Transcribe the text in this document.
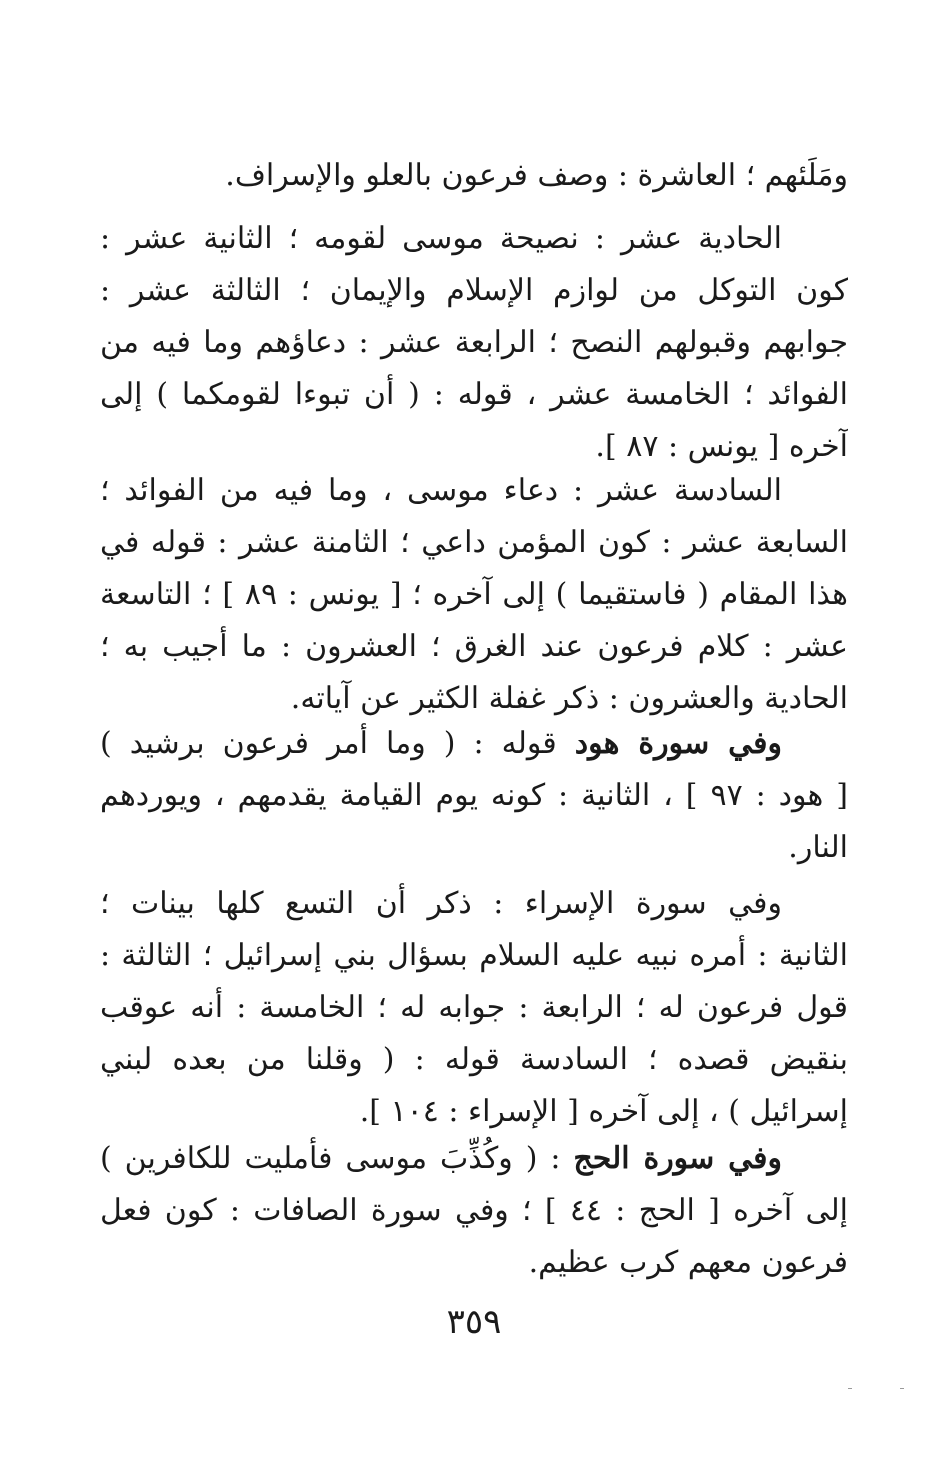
ومَلَئهم ؛ العاشرة : وصف فرعون بالعلو والإسراف.
الحادية عشر : نصيحة موسى لقومه ؛ الثانية عشر :
كون التوكل من لوازم الإسلام والإيمان ؛ الثالثة عشر :
جوابهم وقبولهم النصح ؛ الرابعة عشر : دعاؤهم وما فيه من
الفوائد ؛ الخامسة عشر ، قوله : ( أن تبوءا لقومكما ) إلى
آخره [ يونس : ٨٧ ].
السادسة عشر : دعاء موسى ، وما فيه من الفوائد ؛
السابعة عشر : كون المؤمن داعي ؛ الثامنة عشر : قوله في
هذا المقام ( فاستقيما ) إلى آخره ؛ [ يونس : ٨٩ ] ؛ التاسعة
عشر : كلام فرعون عند الغرق ؛ العشرون : ما أجيب به ؛
الحادية والعشرون : ذكر غفلة الكثير عن آياته.
وفي سورة هود قوله : ( وما أمر فرعون برشيد )
[ هود : ٩٧ ] ، الثانية : كونه يوم القيامة يقدمهم ، ويوردهم
النار.
وفي سورة الإسراء : ذكر أن التسع كلها بينات ؛
الثانية : أمره نبيه عليه السلام بسؤال بني إسرائيل ؛ الثالثة :
قول فرعون له ؛ الرابعة : جوابه له ؛ الخامسة : أنه عوقب
بنقيض قصده ؛ السادسة قوله : ( وقلنا من بعده لبني
إسرائيل ) ، إلى آخره [ الإسراء : ١٠٤ ].
وفي سورة الحج : ( وكُذِّبَ موسى فأمليت للكافرين )
إلى آخره [ الحج : ٤٤ ] ؛ وفي سورة الصافات : كون فعل
فرعون معهم كرب عظيم.
٣٥٩
